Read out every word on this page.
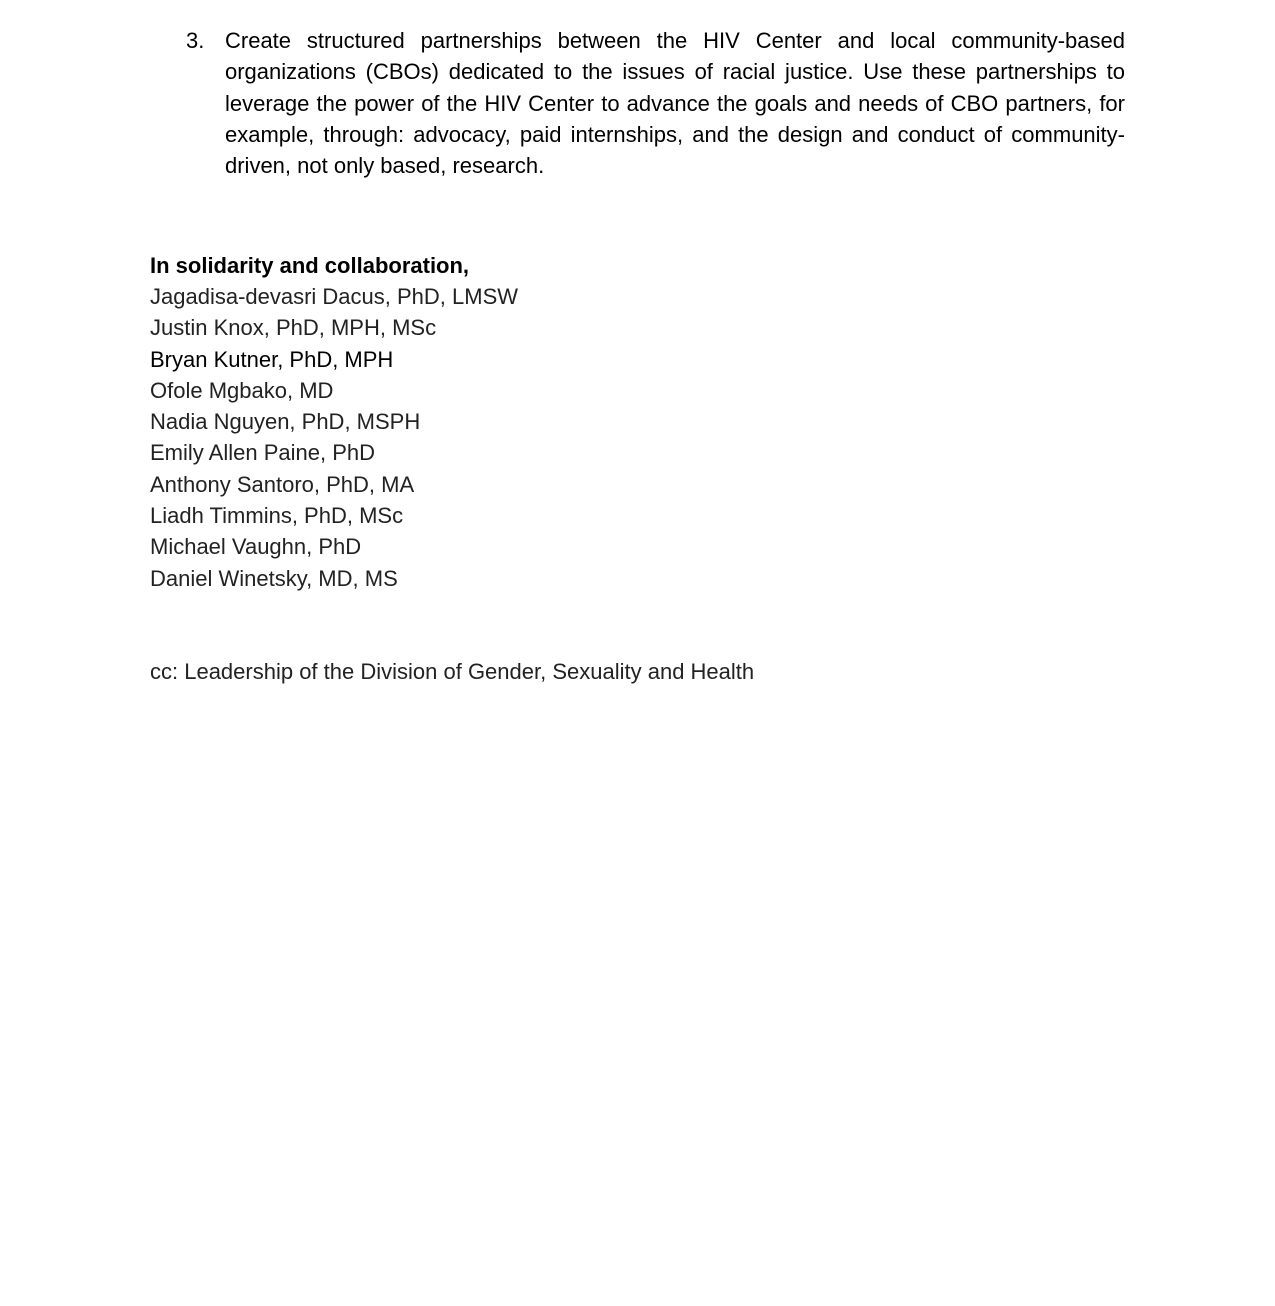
3. Create structured partnerships between the HIV Center and local community-based organizations (CBOs) dedicated to the issues of racial justice. Use these partnerships to leverage the power of the HIV Center to advance the goals and needs of CBO partners, for example, through: advocacy, paid internships, and the design and conduct of community-driven, not only based, research.
In solidarity and collaboration,
Jagadisa-devasri Dacus, PhD, LMSW
Justin Knox, PhD, MPH, MSc
Bryan Kutner, PhD, MPH
Ofole Mgbako, MD
Nadia Nguyen, PhD, MSPH
Emily Allen Paine, PhD
Anthony Santoro, PhD, MA
Liadh Timmins, PhD, MSc
Michael Vaughn, PhD
Daniel Winetsky, MD, MS
cc: Leadership of the Division of Gender, Sexuality and Health
